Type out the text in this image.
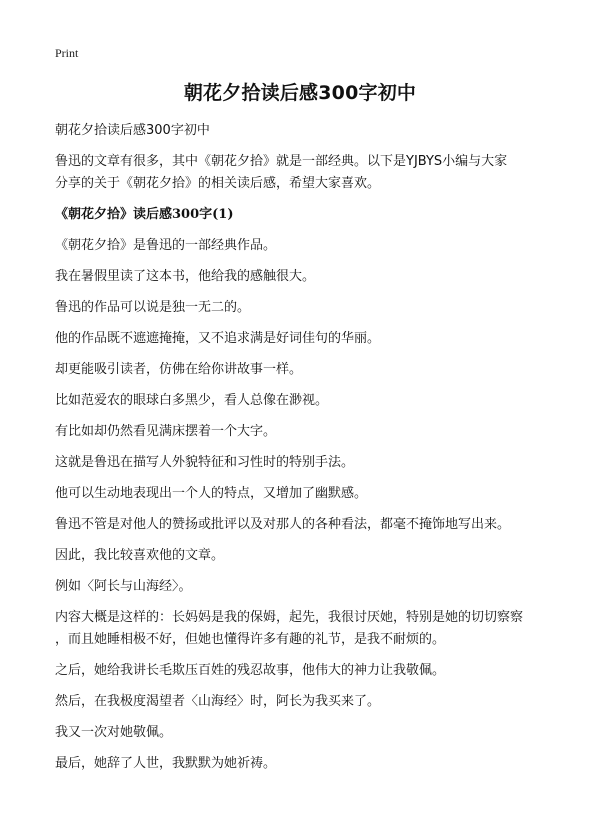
Print
朝花夕拾读后感300字初中
朝花夕拾读后感300字初中
鲁迅的文章有很多，其中《朝花夕拾》就是一部经典。以下是YJBYS小编与大家
分享的关于《朝花夕拾》的相关读后感，希望大家喜欢。
《朝花夕拾》读后感300字(1)
《朝花夕拾》是鲁迅的一部经典作品。
我在暑假里读了这本书，他给我的感触很大。
鲁迅的作品可以说是独一无二的。
他的作品既不遮遮掩掩，又不追求满是好词佳句的华丽。
却更能吸引读者，仿佛在给你讲故事一样。
比如范爱农的眼球白多黑少，看人总像在渺视。
有比如却仍然看见满床摆着一个大字。
这就是鲁迅在描写人外貌特征和习性时的特别手法。
他可以生动地表现出一个人的特点，又增加了幽默感。
鲁迅不管是对他人的赞扬或批评以及对那人的各种看法，都毫不掩饰地写出来。
因此，我比较喜欢他的文章。
例如〈阿长与山海经〉。
内容大概是这样的：长妈妈是我的保姆，起先，我很讨厌她，特别是她的切切察察
，而且她睡相极不好，但她也懂得许多有趣的礼节，是我不耐烦的。
之后，她给我讲长毛欺压百姓的残忍故事，他伟大的神力让我敬佩。
然后，在我极度渴望者〈山海经〉时，阿长为我买来了。
我又一次对她敬佩。
最后，她辞了人世，我默默为她祈祷。
